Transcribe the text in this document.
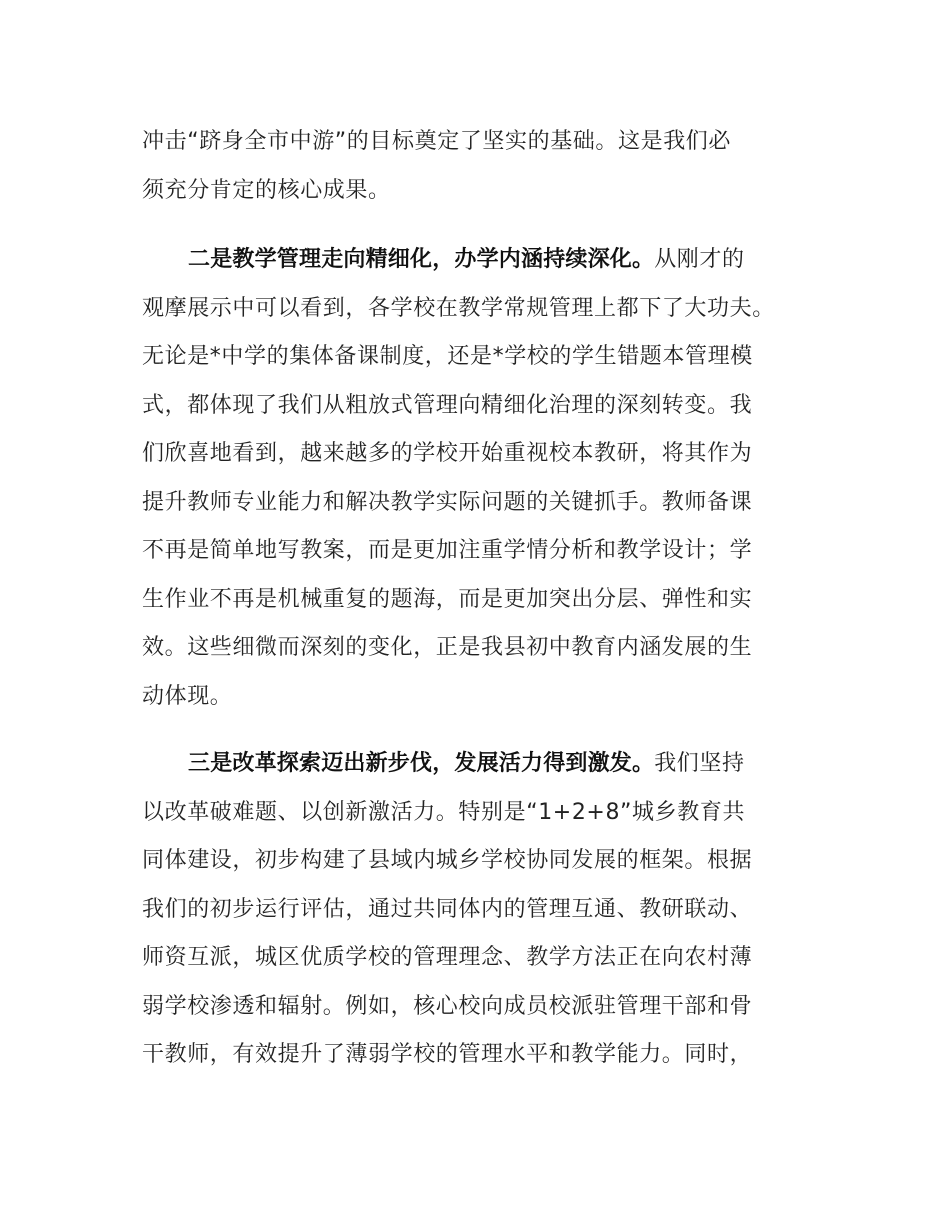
冲击“跻身全市中游”的目标奠定了坚实的基础。这是我们必
须充分肯定的核心成果。
二是教学管理走向精细化，办学内涵持续深化。从刚才的
观摩展示中可以看到，各学校在教学常规管理上都下了大功夫。
无论是*中学的集体备课制度，还是*学校的学生错题本管理模
式，都体现了我们从粗放式管理向精细化治理的深刻转变。我
们欣喜地看到，越来越多的学校开始重视校本教研，将其作为
提升教师专业能力和解决教学实际问题的关键抓手。教师备课
不再是简单地写教案，而是更加注重学情分析和教学设计；学
生作业不再是机械重复的题海，而是更加突出分层、弹性和实
效。这些细微而深刻的变化，正是我县初中教育内涵发展的生
动体现。
三是改革探索迈出新步伐，发展活力得到激发。我们坚持
以改革破难题、以创新激活力。特别是“1+2+8”城乡教育共
同体建设，初步构建了县域内城乡学校协同发展的框架。根据
我们的初步运行评估，通过共同体内的管理互通、教研联动、
师资互派，城区优质学校的管理理念、教学方法正在向农村薄
弱学校渗透和辐射。例如，核心校向成员校派驻管理干部和骨
干教师，有效提升了薄弱学校的管理水平和教学能力。同时，
